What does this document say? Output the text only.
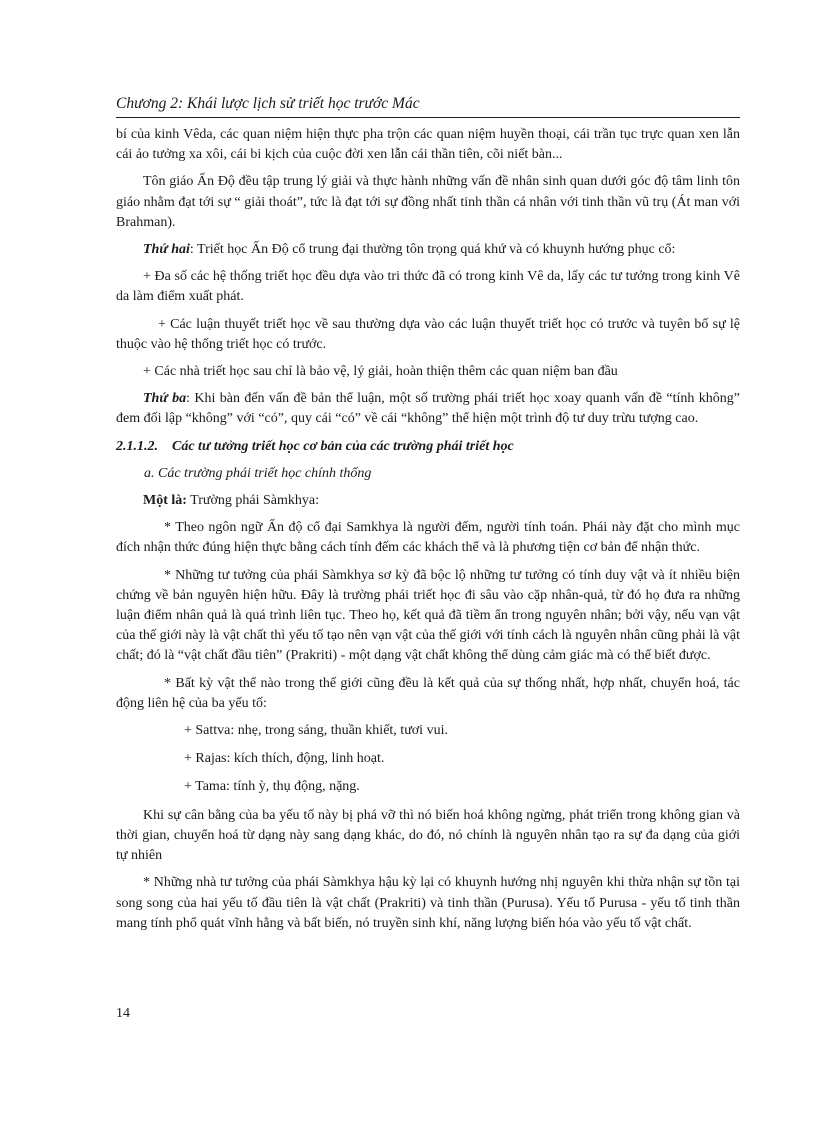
Chương 2: Khái lược lịch sử triết học trước Mác

bí của kinh Vêda, các quan niệm hiện thực pha trộn các quan niệm huyền thoại, cái trần tục trực quan xen lẫn cái ảo tưởng xa xôi, cái bi kịch của cuộc đời xen lẫn cái thần tiên, cõi niết bàn...

Tôn giáo Ấn Độ đều tập trung lý giải và thực hành những vấn đề nhân sinh quan dưới góc độ tâm linh tôn giáo nhằm đạt tới sự “ giải thoát”, tức là đạt tới sự đồng nhất tinh thần cá nhân với tinh thần vũ trụ (Át man với Brahman).

Thứ hai: Triết học Ấn Độ cổ trung đại thường tôn trọng quá khứ và có khuynh hướng phục cổ:

+ Đa số các hệ thống triết học đều dựa vào tri thức đã có trong kinh Vê da, lấy các tư tưởng trong kinh Vê da làm điểm xuất phát.

+ Các luận thuyết triết học về sau thường dựa vào các luận thuyết triết học có trước và tuyên bố sự lệ thuộc vào hệ thống triết học có trước.

+ Các nhà triết học sau chỉ là bảo vệ, lý giải, hoàn thiện thêm các quan niệm ban đầu

Thứ ba: Khi bàn đến vấn đề bản thể luận, một số trường phái triết học xoay quanh vấn đề “tính không” đem đối lập “không” với “có”, quy cái “có” về cái “không” thể hiện một trình độ tư duy trừu tượng cao.

2.1.1.2. Các tư tưởng triết học cơ bản của các trường phái triết học

a. Các trường phái triết học chính thống

Một là: Trường phái Sàmkhya:

* Theo ngôn ngữ Ấn độ cổ đại Samkhya là người đếm, người tính toán. Phái này đặt cho mình mục đích nhận thức đúng hiện thực bằng cách tính đếm các khách thể và là phương tiện cơ bản để nhận thức.

* Những tư tưởng của phái Sàmkhya sơ kỳ đã bộc lộ những tư tưởng có tính duy vật và ít nhiều biện chứng về bản nguyên hiện hữu. Đây là trường phái triết học đi sâu vào cặp nhân-quả, từ đó họ đưa ra những luận điểm nhân quả là quá trình liên tục. Theo họ, kết quả đã tiềm ẩn trong nguyên nhân; bởi vậy, nếu vạn vật của thế giới này là vật chất thì yếu tố tạo nên vạn vật của thế giới với tính cách là nguyên nhân cũng phải là vật chất; đó là “vật chất đầu tiên” (Prakriti) - một dạng vật chất không thể dùng cảm giác mà có thể biết được.

* Bất kỳ vật thể nào trong thế giới cũng đều là kết quả của sự thống nhất, hợp nhất, chuyển hoá, tác động liên hệ của ba yếu tố:

+ Sattva: nhẹ, trong sáng, thuần khiết, tươi vui.

+ Rajas: kích thích, động, linh hoạt.

+ Tama: tính ỳ, thụ động, nặng.

Khi sự cân bằng của ba yếu tố này bị phá vỡ thì nó biến hoá không ngừng, phát triển trong không gian và thời gian, chuyển hoá từ dạng này sang dạng khác, do đó, nó chính là nguyên nhân tạo ra sự đa dạng của giới tự nhiên

* Những nhà tư tưởng của phái Sàmkhya hậu kỳ lại có khuynh hướng nhị nguyên khi thừa nhận sự tồn tại song song của hai yếu tố đầu tiên là vật chất (Prakriti) và tinh thần (Purusa). Yếu tố Purusa - yếu tố tinh thần mang tính phổ quát vĩnh hằng và bất biến, nó truyền sinh khí, năng lượng biến hóa vào yếu tố vật chất.

14
